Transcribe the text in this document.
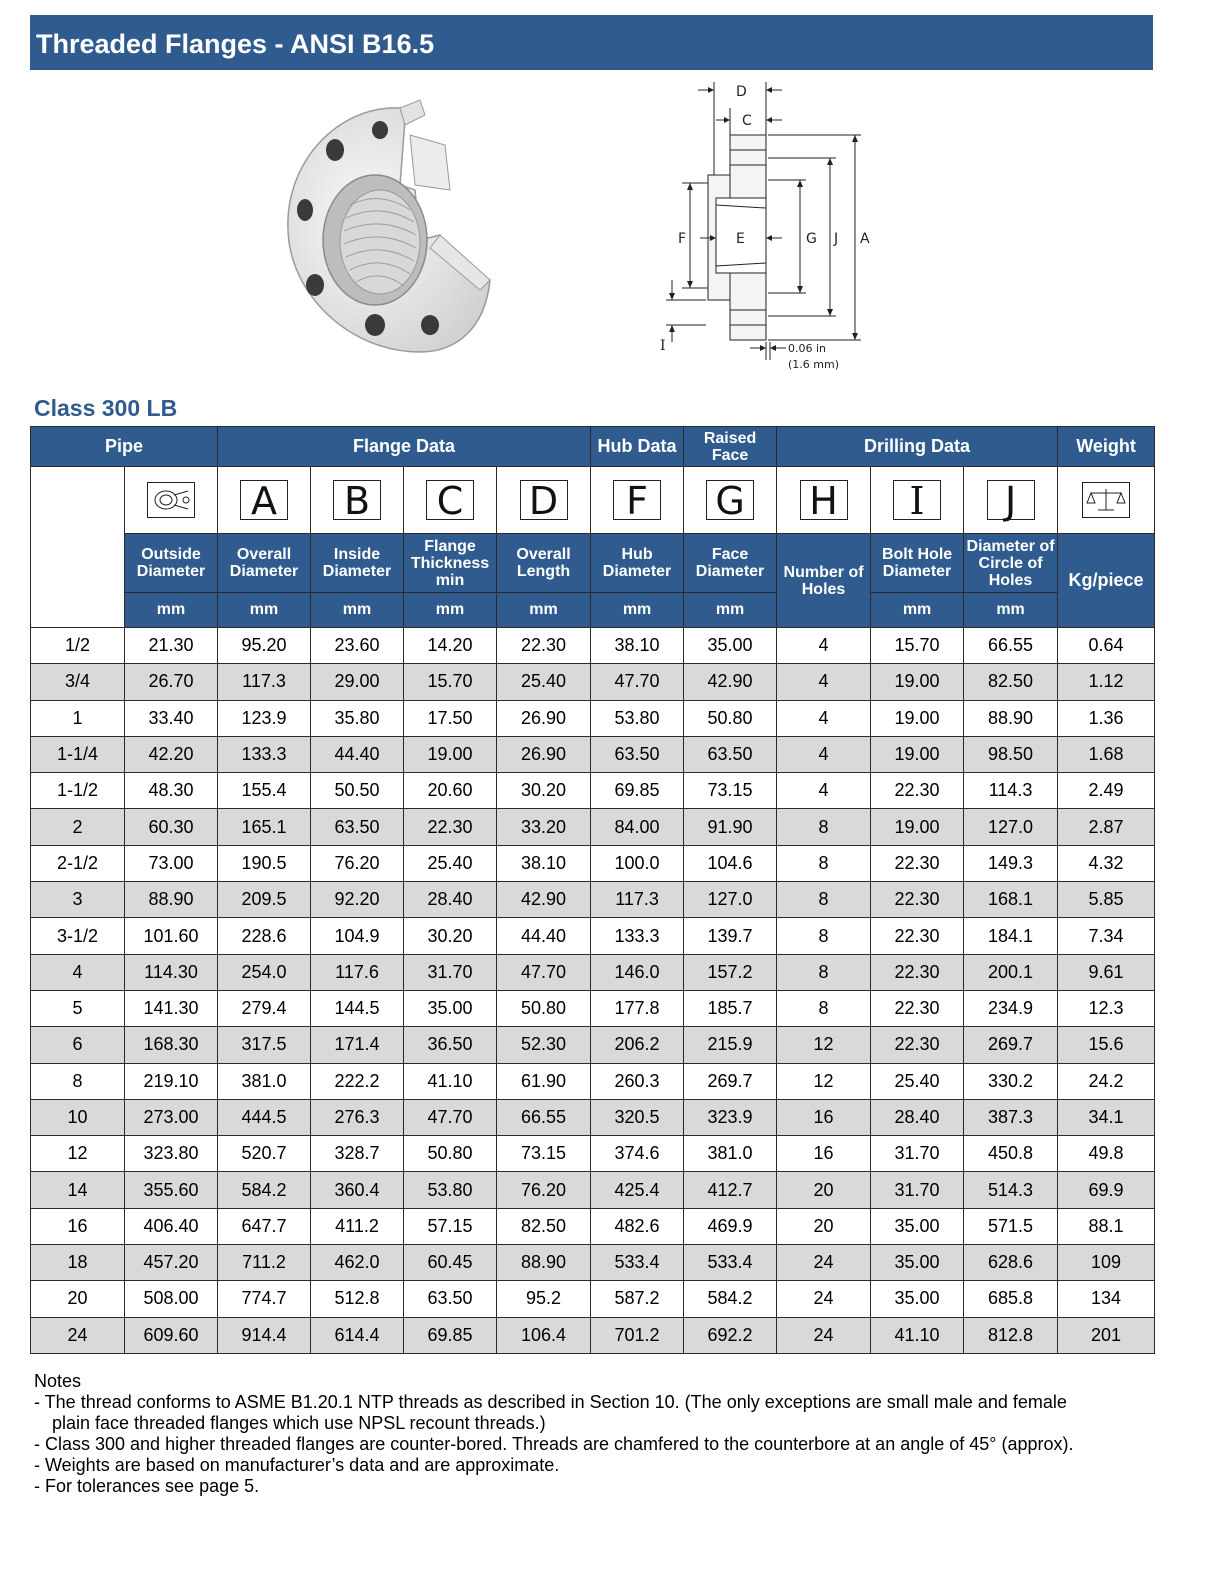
Threaded Flanges - ANSI B16.5
D
C
F	E	G J A
I	0.06 in
(1.6 mm)
Class 300 LB
Pipe		Flange Data				Hub Data	Raised Face	Drilling Data			Weight

Nominal Pipe Size		A	B	C	D	F	G	H	I	J	
	Outside Diameter	Overall Diameter	Inside Diameter	Flange Thickness min	Overall Length	Hub Diameter	Face Diameter	Number of Holes	Bolt Hole Diameter	Diameter of Circle of Holes	Kg/piece
	mm	mm	mm	mm	mm	mm	mm		mm	mm	
1/2	21.30	95.20	23.60	14.20	22.30	38.10	35.00	4	15.70	66.55	0.64
3/4	26.70	117.3	29.00	15.70	25.40	47.70	42.90	4	19.00	82.50	1.12
1	33.40	123.9	35.80	17.50	26.90	53.80	50.80	4	19.00	88.90	1.36
1-1/4	42.20	133.3	44.40	19.00	26.90	63.50	63.50	4	19.00	98.50	1.68
1-1/2	48.30	155.4	50.50	20.60	30.20	69.85	73.15	4	22.30	114.3	2.49
2	60.30	165.1	63.50	22.30	33.20	84.00	91.90	8	19.00	127.0	2.87
2-1/2	73.00	190.5	76.20	25.40	38.10	100.0	104.6	8	22.30	149.3	4.32
3	88.90	209.5	92.20	28.40	42.90	117.3	127.0	8	22.30	168.1	5.85
3-1/2	101.60	228.6	104.9	30.20	44.40	133.3	139.7	8	22.30	184.1	7.34
4	114.30	254.0	117.6	31.70	47.70	146.0	157.2	8	22.30	200.1	9.61
5	141.30	279.4	144.5	35.00	50.80	177.8	185.7	8	22.30	234.9	12.3
6	168.30	317.5	171.4	36.50	52.30	206.2	215.9	12	22.30	269.7	15.6
8	219.10	381.0	222.2	41.10	61.90	260.3	269.7	12	25.40	330.2	24.2
10	273.00	444.5	276.3	47.70	66.55	320.5	323.9	16	28.40	387.3	34.1
12	323.80	520.7	328.7	50.80	73.15	374.6	381.0	16	31.70	450.8	49.8
14	355.60	584.2	360.4	53.80	76.20	425.4	412.7	20	31.70	514.3	69.9
16	406.40	647.7	411.2	57.15	82.50	482.6	469.9	20	35.00	571.5	88.1
18	457.20	711.2	462.0	60.45	88.90	533.4	533.4	24	35.00	628.6	109
20	508.00	774.7	512.8	63.50	95.2	587.2	584.2	24	35.00	685.8	134
24	609.60	914.4	614.4	69.85	106.4	701.2	692.2	24	41.10	812.8	201

Notes

- The thread conforms to ASME B1.20.1 NTP threads as described in Section 10. (The only exceptions are small male and female

plain face threaded flanges which use NPSL recount threads.)

- Class 300 and higher threaded flanges are counter-bored. Threads are chamfered to the counterbore at an angle of 45° (approx).

- Weights are based on manufacturer’s data and are approximate.

- For tolerances see page 5.
